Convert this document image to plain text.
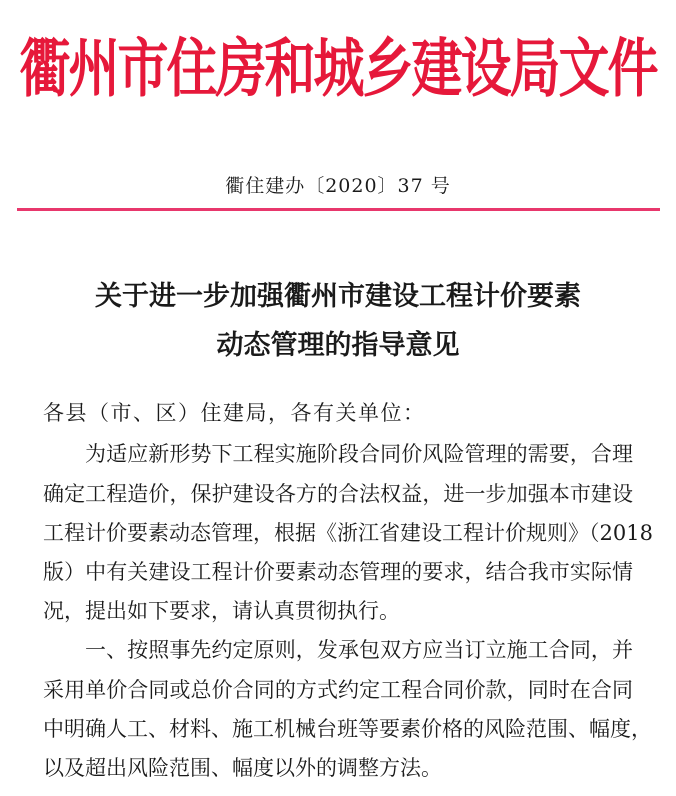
衢州市住房和城乡建设局文件
衢住建办〔2020〕37 号
关于进一步加强衢州市建设工程计价要素
动态管理的指导意见
各县（市、区）住建局，各有关单位：
为适应新形势下工程实施阶段合同价风险管理的需要，合理
确定工程造价，保护建设各方的合法权益，进一步加强本市建设
工程计价要素动态管理，根据《浙江省建设工程计价规则》（2018
版）中有关建设工程计价要素动态管理的要求，结合我市实际情
况，提出如下要求，请认真贯彻执行。
一、按照事先约定原则，发承包双方应当订立施工合同，并
采用单价合同或总价合同的方式约定工程合同价款，同时在合同
中明确人工、材料、施工机械台班等要素价格的风险范围、幅度，
以及超出风险范围、幅度以外的调整方法。
